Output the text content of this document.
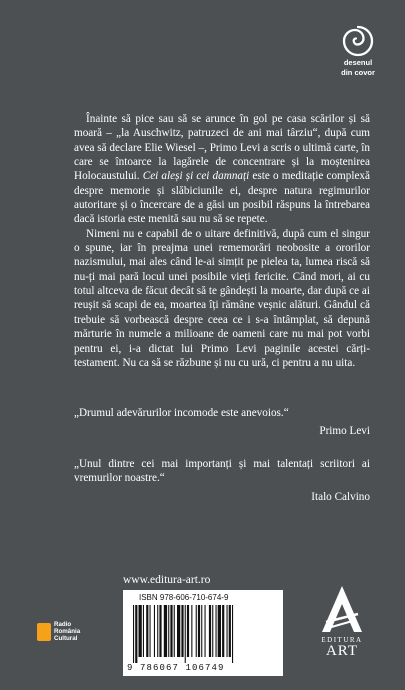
desenul
din covor

Înainte să pice sau să se arunce în gol pe casa scărilor și să moară – „la Auschwitz, patruzeci de ani mai târziu“, după cum avea să declare Elie Wiesel –, Primo Levi a scris o ultimă carte, în care se întoarce la lagărele de concentrare și la moștenirea Holocaustului. Cei aleși și cei damnați este o meditație complexă despre memorie și slăbiciunile ei, despre natura regimurilor autoritare și o încercare de a găsi un posibil răspuns la întrebarea dacă istoria este menită sau nu să se repete.

Nimeni nu e capabil de o uitare definitivă, după cum el singur o spune, iar în preajma unei rememorări neobosite a ororilor nazismului, mai ales când le-ai simțit pe pielea ta, lumea riscă să nu-ți mai pară locul unei posibile vieți fericite. Când mori, ai cu totul altceva de făcut decât să te gândești la moarte, dar după ce ai reușit să scapi de ea, moartea îți rămâne veșnic alături. Gândul că trebuie să vorbească despre ceea ce i s-a întâmplat, să depună mărturie în numele a milioane de oameni care nu mai pot vorbi pentru ei, i-a dictat lui Primo Levi paginile acestei cărți-testament. Nu ca să se răzbune și nu cu ură, ci pentru a nu uita.

„Drumul adevărurilor incomode este anevoios.“
Primo Levi
„Unul dintre cei mai importanți și mai talentați scriitori ai vremurilor noastre.“
Italo Calvino
Radio
România
Cultural
www.editura-art.ro
ISBN 978-606-710-674-9
9 786067 106749
EDITURA
ART
